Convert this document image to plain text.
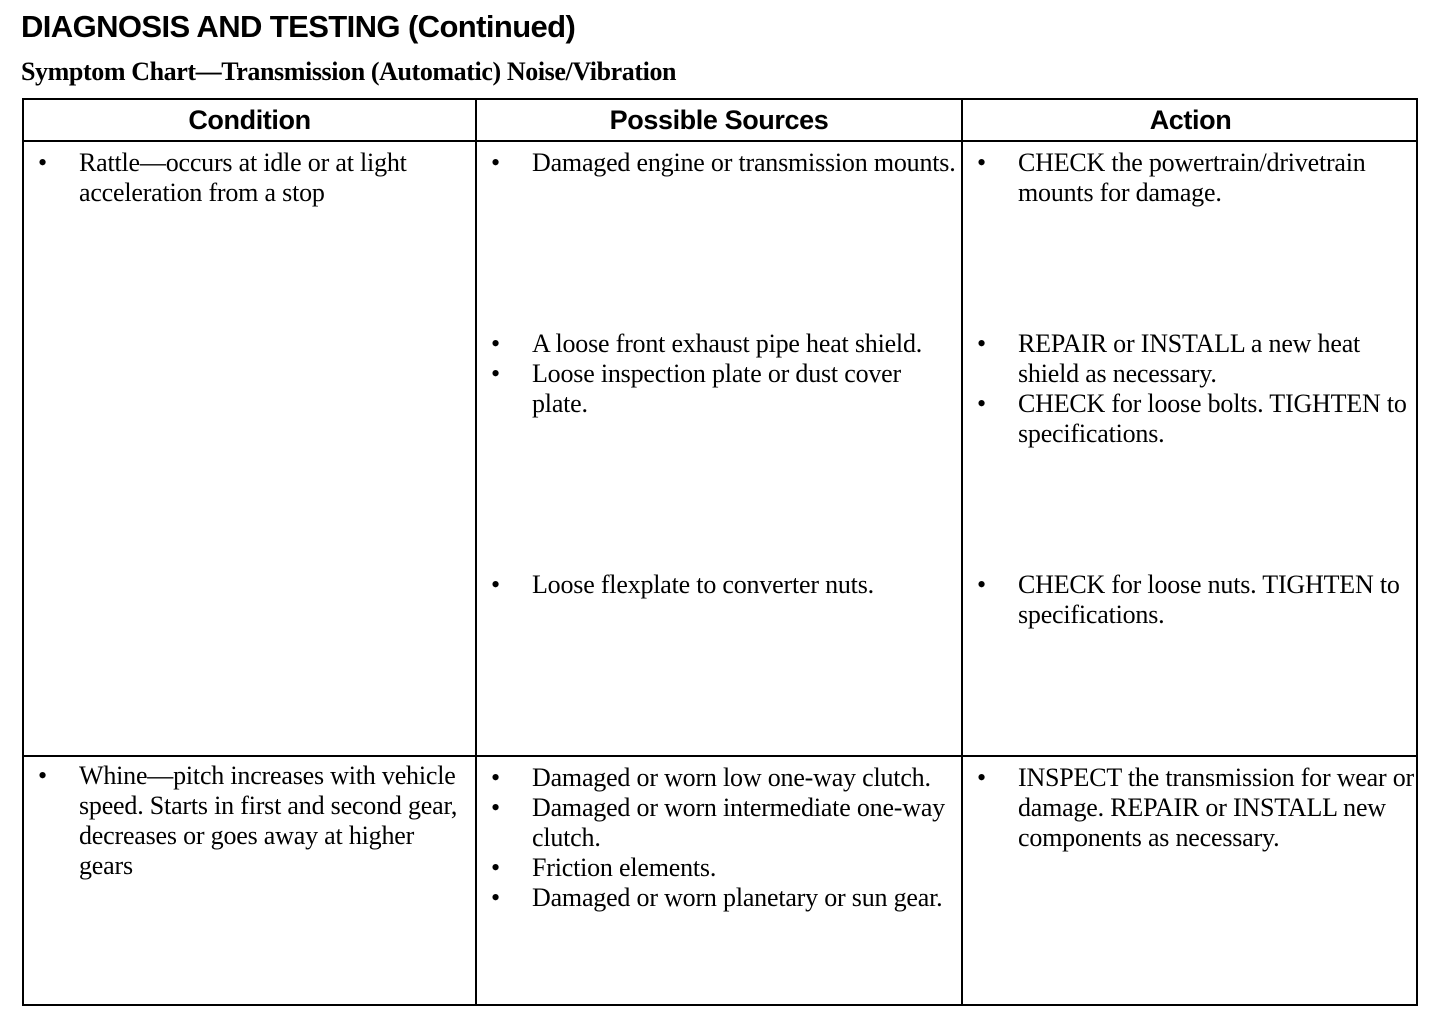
DIAGNOSIS AND TESTING (Continued)
Symptom Chart—Transmission (Automatic) Noise/Vibration
Condition	Possible Sources	Action
• Rattle—occurs at idle or at light acceleration from a stop
• Damaged engine or transmission mounts.
• A loose front exhaust pipe heat shield.
• Loose inspection plate or dust cover plate.
• Loose flexplate to converter nuts.
• CHECK the powertrain/drivetrain mounts for damage.
• REPAIR or INSTALL a new heat shield as necessary.
• CHECK for loose bolts. TIGHTEN to specifications.
• CHECK for loose nuts. TIGHTEN to specifications.
• Whine—pitch increases with vehicle speed. Starts in first and second gear, decreases or goes away at higher gears
• Damaged or worn low one-way clutch.
• Damaged or worn intermediate one-way clutch.
• Friction elements.
• Damaged or worn planetary or sun gear.
• INSPECT the transmission for wear or damage. REPAIR or INSTALL new components as necessary.
